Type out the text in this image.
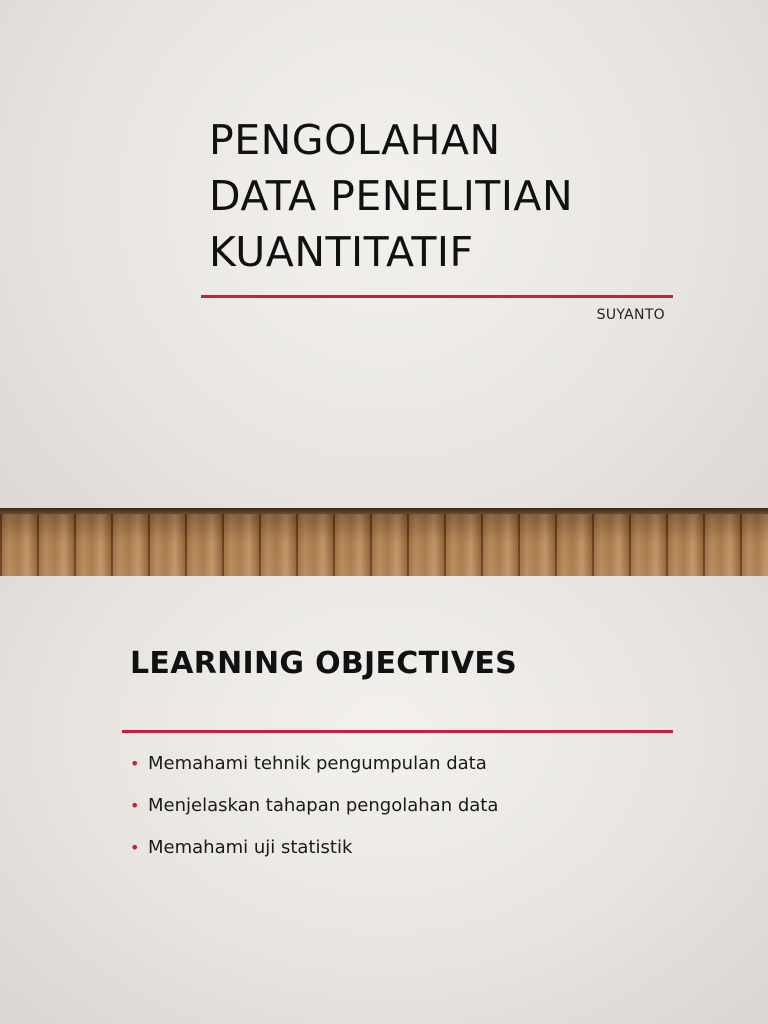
PENGOLAHAN
DATA PENELITIAN
KUANTITATIF
SUYANTO
LEARNING OBJECTIVES
• Memahami tehnik pengumpulan data
• Menjelaskan tahapan pengolahan data
• Memahami uji statistik
